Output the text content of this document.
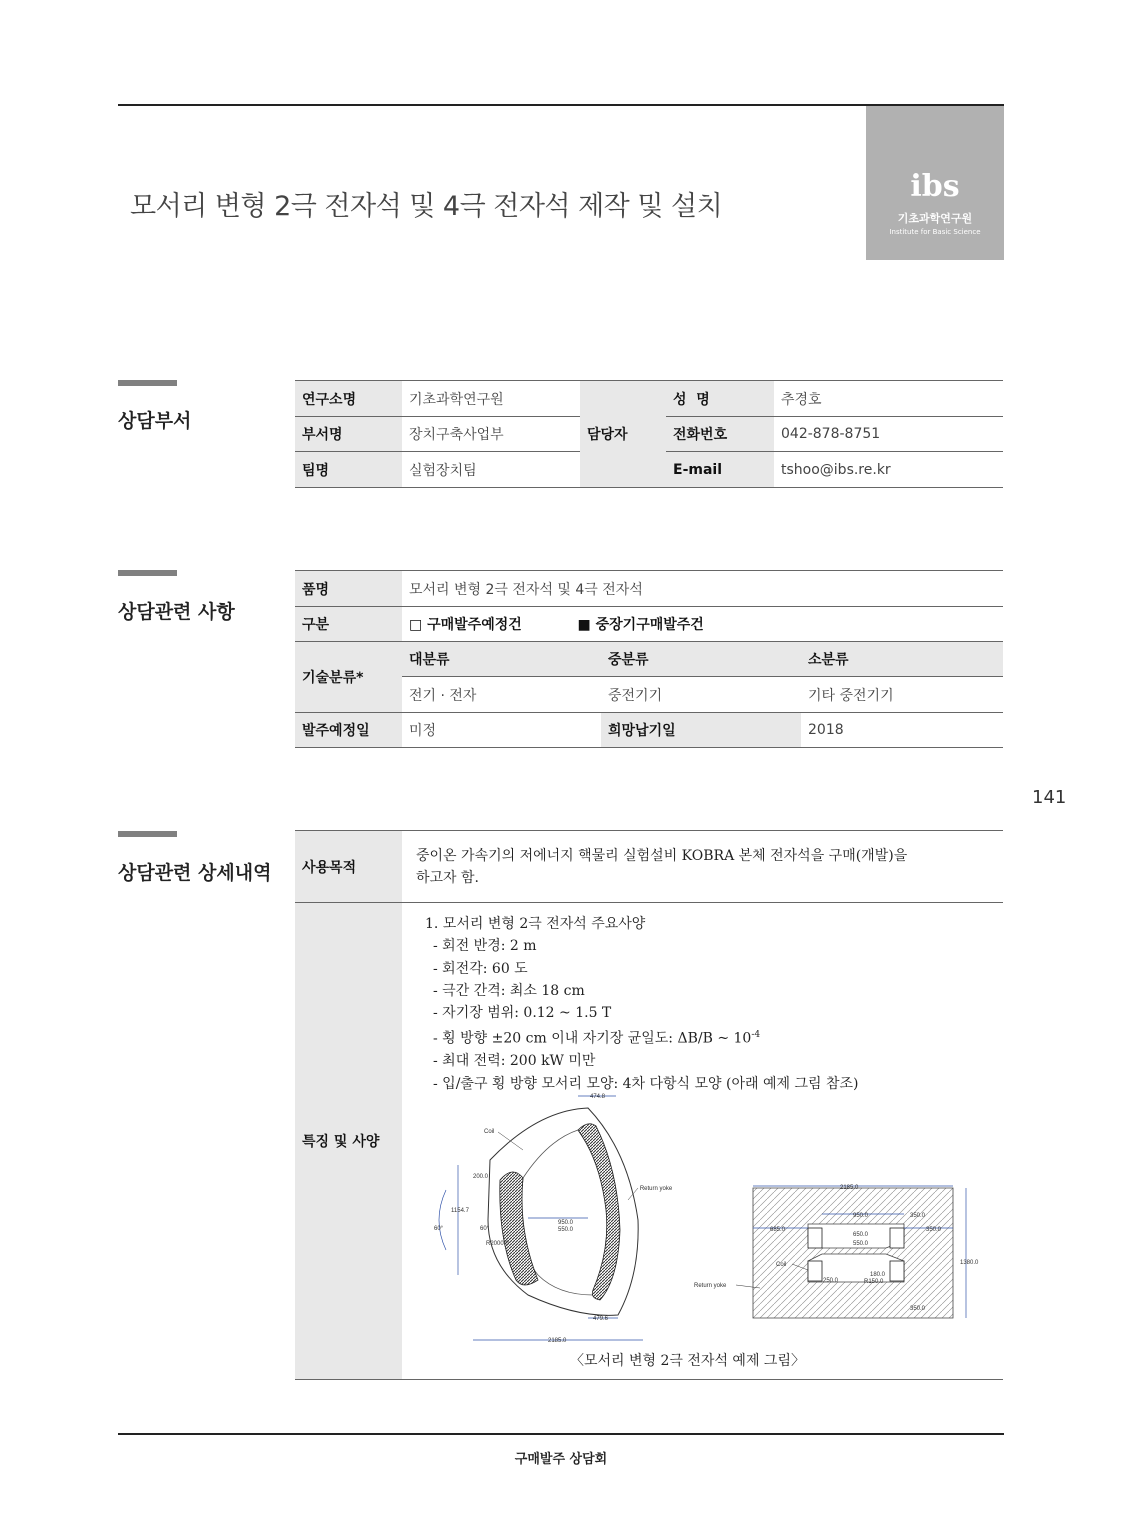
모서리 변형 2극 전자석 및 4극 전자석 제작 및 설치
ibs
기초과학연구원
Institute for Basic Science
상담부서
연구소명	기초과학연구원	담당자	성  명	추경호
부서명	장치구축사업부		전화번호	042-878-8751
팀명	실험장치팀		E-mail	tshoo@ibs.re.kr
상담관련 사항
품명	모서리 변형 2극 전자석 및 4극 전자석		
구분	□ 구매발주예정건 ■ 중장기구매발주건		
기술분류*	대분류	중분류	소분류
	전기 · 전자	중전기기	기타 중전기기
발주예정일	미정	희망납기일	2018
141
상담관련 상세내역 사용목적	중이온 가속기의 저에너지 핵물리 실험설비 KOBRA 본체 전자석을 구매(개발)을
하고자 함.

특징 및 사양	
1. 모서리 변형 2극 전자석 주요사양
- 회전 반경: 2 m
- 회전각: 60 도
- 극간 간격: 최소 18 cm
- 자기장 범위: 0.12 ~ 1.5 T
- 횡 방향 ±20 cm 이내 자기장 균일도: ΔB/B ~ $10^{-4}$
- 최대 전력: 200 kW 미만
- 입/출구 횡 방향 모서리 모양: 4차 다항식 모양 (아래 예제 그림 참조)
474.8
Coil
Return yoke
200.0
1154.7
60°	60°
R2000.0
950.0
550.0
479.6
2185.0
2185.0
950.0	350.0
685.0	350.0
650.0
550.0
Coil
Return yoke
250.0
180.0
R150.0
1380.0
350.0
〈모서리 변형 2극 전자석 예제 그림〉
구매발주 상담회
